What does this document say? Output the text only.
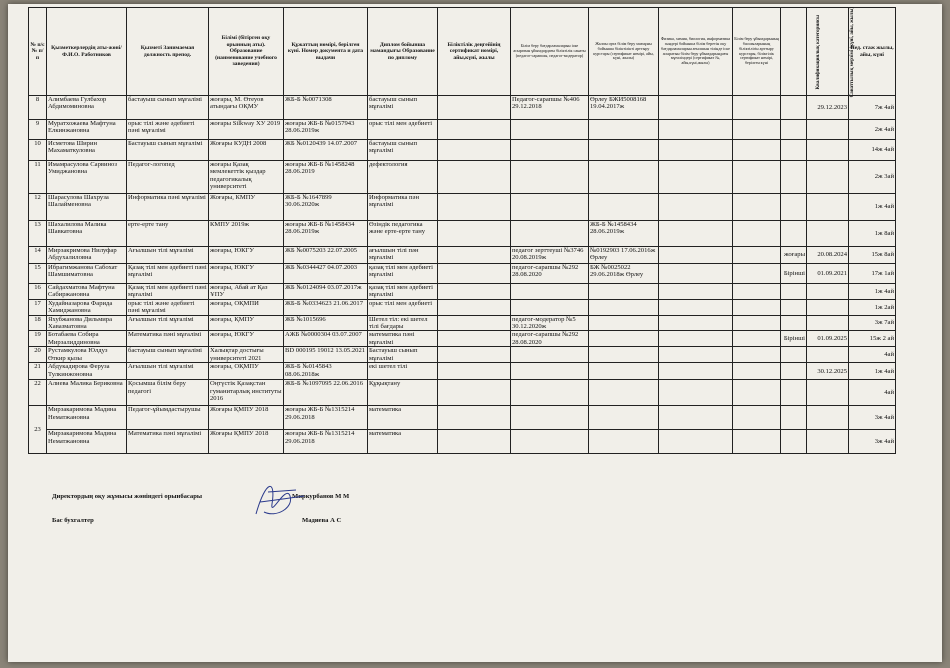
№ п/с № п/п	Қызметкерлердің аты-жөні/ Ф.И.О. Работников	Қызметі Занимаемая должность препод.	Білімі (бітірген оқу орынның аты). Образование (наименование учебного заведения)	Құжаттың нөмірі, берілген күні. Номер документа и дата выдачи	Диплом бойынша мамандығы Образование по диплому	Біліктілік деңгейінің сертификат нөмірі, айы,күні, жылы	Білім беру бағдарламаларын іске асыратын ұйымдардағы біліктілік санаты (педагог-сарапшы, педагог-модератор)	Жалпы орта білім беру мазмұны бойынша біліктілікті арттыру курстары (сертификат нөмірі, айы, күні, жылы)	Физика, химия, биология, информатика пәндері бойынша білім беретін оқу бағдарламаларын ағылшын тілінде іске асыратын білім беру ұйымдарындағы мұғалімдері (сертификат №, айы,күні,жылы)	Білім беру ұйымдарының басшыларының біліктілігін арттыру курстары, біліктілік сертификат нөмірі, берілген күні	Квалификациялық категориясы	Санаттылық мерзімі (күні, айы, жылы)	Пед. стаж жылы, айы, күні
8	Алимбаева Гулбахор Абдимоминовна	бастауыш сынып мұғалімі	жоғары, М. Өтеуов атындағы ОҚМУ	ЖБ-Б №0071308	бастауыш сынып мұғалімі		Педагог-сарапшы №406 29.12.2018	Өрлеу БЖИ5008168 19.04.2017ж				29.12.2023	7ж 4ай
9	Муратхожаева Мафтуна Елкинжановна	орыс тілі және әдебиеті пәні мұғалімі	жоғары Silkway ХУ 2019	жоғары ЖБ-Б №0157943 28.06.2019ж	орыс тілі мен әдебиеті								2ж 4ай
10	Исметова Ширин Махаматкуловна	Бастауыш сынып мұғалімі	Жоғары КУДН 2008	ЖБ №0120439 14.07.2007	бастауыш сынып мұғалімі								14ж 4ай
11	Имамрасулова Сарвиноз Умиджановна	Педагог-логопед	жоғары Қазақ мемлекеттік қыздар педагогикалық университеті	жоғары ЖБ-Б №1458248 28.06.2019	дефектология								2ж 3ай
12	Шарасулова Шахруза Шалайменовна	Информатика пәні мұғалімі	Жоғары, КМПУ	ЖБ-Б №1647899 30.06.2020ж	Информатика пән мұғалімі								1ж 4ай
13	Шахалилова Малика Шавкатовна	ерте-ерте тану	КМПУ 2019ж	жоғары ЖБ-Б №1458434 28.06.2019ж	Өзіндік педагогика және ерте-ерте тану			ЖБ-Б №1458434 28.06.2019ж					1ж 8ай
14	Мирзакримова Нилуфар Абдухалиловна	Ағылшын тілі мұғалімі	жоғары, ЮКГУ	ЖБ №0075203 22.07.2005	ағылшын тілі пән мұғалімі		педагог зерттеуші №3746 20.08.2019ж	№0192903 17.06.2016ж Өрлеу			жоғары	20.08.2024	15ж 8ай
15	Ибрагимжанова Сабохат Шамшиматовна	Қазақ тілі мен әдебиеті пәні мұғалімі	жоғары, ЮКГУ	ЖБ №0344427 04.07.2003	қазақ тілі мен әдебиеті мұғалімі		педагог-сарапшы №292 28.08.2020	БЖ №0025022 29.06.2018ж Өрлеу			Бірінші	01.09.2021	17ж 1ай
16	Сайдахматова Мафтуна Сабиржановна	Қазақ тілі мен әдебиеті пәні мұғалімі	жоғары, Абай ат Қаз ҰПУ	ЖБ №0124094 03.07.2017ж	қазақ тілі мен әдебиеті мұғалімі								1ж 4ай
17	Худайназарова Фарида Хамиджановна	орыс тілі және әдебиеті пәні мұғалімі	жоғары, ОҚМПИ	ЖБ-Б №0334623 21.06.2017	орыс тілі мен әдебиеті								1ж 2ай
18	Яхубжанова Дильмира Хавазматовна	Ағылшын тілі мұғалімі	жоғары, ҚМПУ	ЖБ №1015696	Шетел тіл: екі шетел тілі бағдары		педагог-модератор №5 30.12.2020ж						3ж 7ай
19	Ботабаева Собира Мирзалиддиновна	Математика пәні мұғалімі	жоғары, ЮКГУ	АЖБ №0000304 03.07.2007	математика пәні мұғалімі		педагог-сарапшы №292 28.08.2020				Бірінші	01.09.2025	15ж 2 ай
20	Рустамкулова Юлдуз Өткир қызы	бастауыш сынып мұғалімі	Халықтар достығы университеті 2021	BD 000195 19012 13.05.2021	Бастауыш сынып мұғалімі								4ай
21	Абдукадирова Феруза Тулкинжоновна	Ағылшын тілі мұғалімі	жоғары, ОҚМПУ	ЖБ-Б №0145843 08.06.2018ж	екі шетел тілі							30.12.2025	1ж 4ай
22	Алиева Малика Бериковна	Қосымша білім беру педагогі	Оңтүстік Қазақстан гуманитарлық институты 2016	ЖБ-Б №1097095 22.06.2016	Құқықтану								4ай
23	Мирзакаримова Мадина Нематжановна	Педагог-ұйымдастырушы	Жоғары ҚМПУ 2018	жоғары ЖБ-Б №1315214 29.06.2018	математика								3ж 4ай
	Мирзакаримова Мадина Нематжановна	Математика пәні мұғалімі	Жоғары ҚМПУ 2018	жоғары ЖБ-Б №1315214 29.06.2018	математика								3ж 4ай
Директордың оқу жұмысы жөніндегі орынбасары	Миркурбанов М М
Бас бухгалтер	Мадиева А С
